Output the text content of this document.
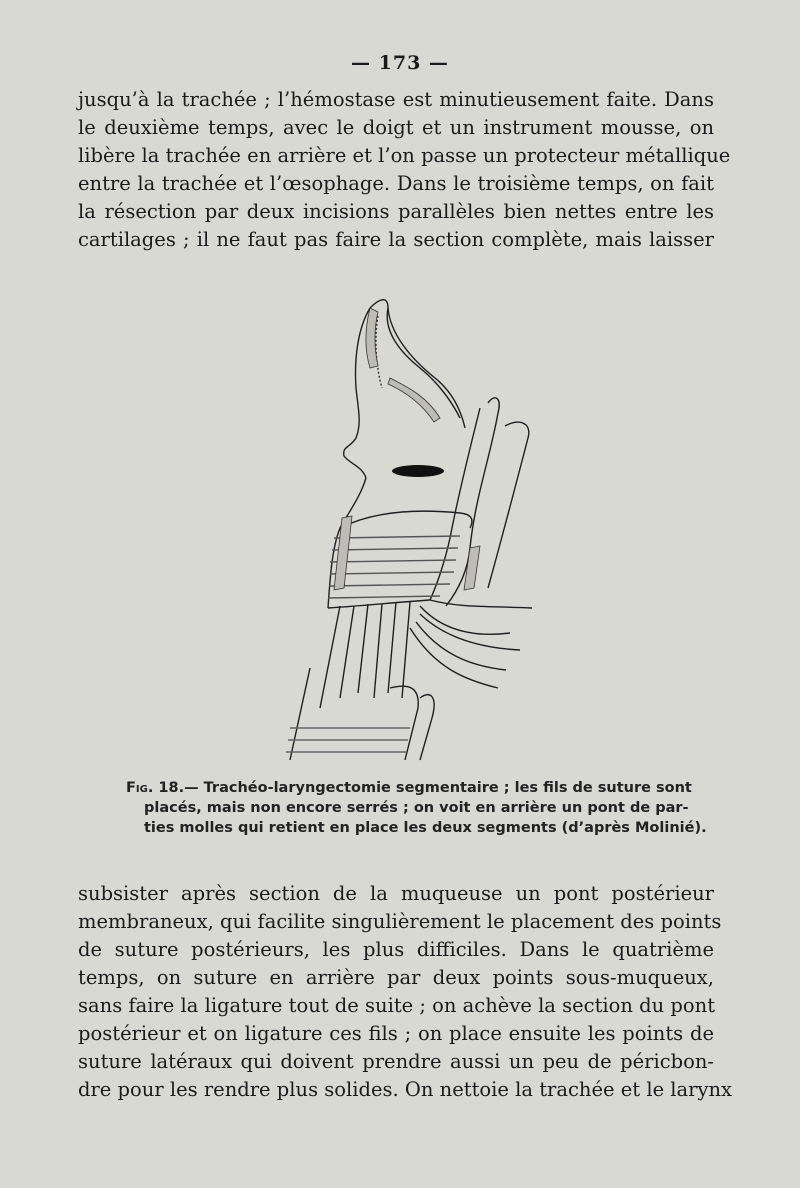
— 173 —

jusqu’à la trachée ; l’hémostase est minutieusement faite. Dans
le deuxième temps, avec le doigt et un instrument mousse, on
libère la trachée en arrière et l’on passe un protecteur métallique
entre la trachée et l’œsophage. Dans le troisième temps, on fait
la résection par deux incisions parallèles bien nettes entre les
cartilages ; il ne faut pas faire la section complète, mais laisser

Fig. 18.— Trachéo-laryngectomie segmentaire ; les fils de suture sont
placés, mais non encore serrés ; on voit en arrière un pont de par-
ties molles qui retient en place les deux segments (d’après Molinié).

subsister après section de la muqueuse un pont postérieur
membraneux, qui facilite singulièrement le placement des points
de suture postérieurs, les plus difficiles. Dans le quatrième
temps, on suture en arrière par deux points sous-muqueux,
sans faire la ligature tout de suite ; on achève la section du pont
postérieur et on ligature ces fils ; on place ensuite les points de
suture latéraux qui doivent prendre aussi un peu de péricbon-
dre pour les rendre plus solides. On nettoie la trachée et le larynx
